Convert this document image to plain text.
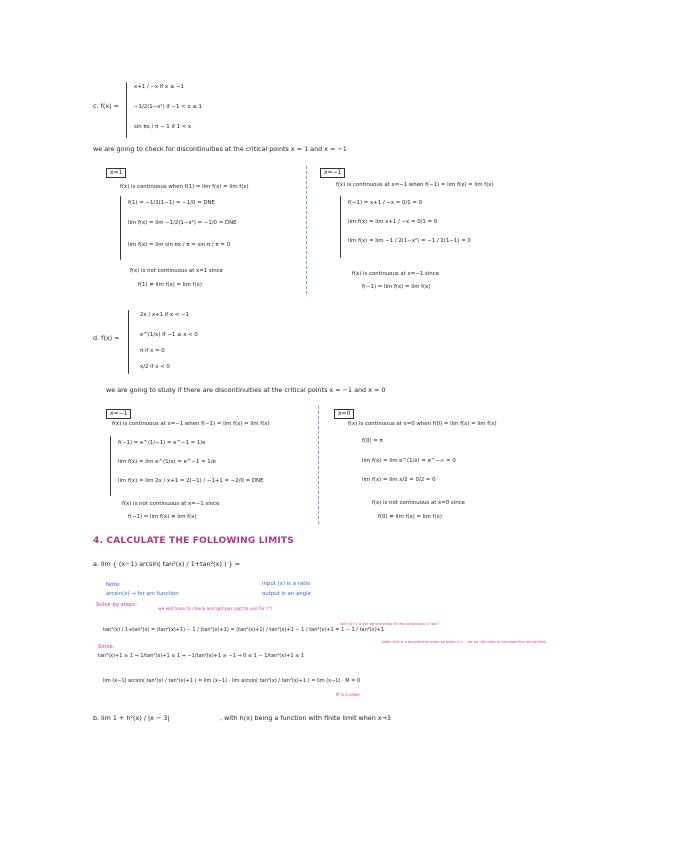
c. f(x) =
x+1 / −x if x ≤ −1
−1/2(1−x²) if −1 < x ≤ 1
sin πx / π − 1 if 1 < x
we are going to check for discontinuities at the critical points x = 1 and x = −1
x=1
f(x) is continuous when f(1) = lim f(x) = lim f(x)
f(1) = −1/2(1−1) = −1/0 = DNE
lim f(x) = lim −1/2(1−x²) = −1/0 = DNE
lim f(x) = lim sin πx / π = sin π / π = 0
f(x) is not continuous at x=1 since
f(1) ≠ lim f(x) = lim f(x)
x=−1
f(x) is continuous at x=−1 when f(−1) = lim f(x) = lim f(x)
f(−1) = x+1 / −x = 0/1 = 0
lim f(x) = lim x+1 / −x = 0/1 = 0
lim f(x) = lim −1 / 2(1−x²) = −1 / 2(1−1) = 0
f(x) is continuous at x=−1 since
f(−1) = lim f(x) = lim f(x)
d. f(x) =
2x / x+1 if x < −1
e^(1/x) if −1 ≤ x < 0
π if x = 0
x/2 if x < 0
we are going to study if there are discontinuities at the critical points x = −1 and x = 0
x=−1
f(x) is continuous at x=−1 when f(−1) = lim f(x) = lim f(x)
f(−1) = e^(1/−1) = e^−1 = 1/e
lim f(x) = lim e^(1/x) = e^−1 = 1/e
lim f(x) = lim 2x / x+1 = 2(−1) / −1+1 = −2/0 = DNE
f(x) is not continuous at x=−1 since
f(−1) = lim f(x) ≠ lim f(x)
x=0
f(x) is continuous at x=0 when f(0) = lim f(x) = lim f(x)
f(0) = π
lim f(x) = lim e^(1/x) = e^−∞ = 0
lim f(x) = lim x/2 = 0/2 = 0
f(x) is not continuous at x=0 since
f(0) ≠ lim f(x) = lim f(x)
4. CALCULATE THE FOLLOWING LIMITS
a. lim { (x−1) arcsin( tan²(x) / 1+tan²(x) ) } =
Note:
arcsin(x) → for arc function
input (x) is a ratio
output is an angle
Solve by steps:
we will have to check and get pos sqrt to use for (*)
tan²(x) / 1+tan²(x) = (tan²(x)+1) − 1 / (tan²(x)+1) = (tan²(x)+1) / tan²(x)+1 − 1 / tan²(x)+1 = 1 − 1 / tan²(x)+1
tan²(x)+1 is the denominator in the continuous 1+tan²
Since:
tan²(x)+1 ≥ 1 ⇒ 1/tan²(x)+1 ≤ 1 ⇒ −1/tan²(x)+1 ≥ −1 ⇒ 0 ≤ 1 − 1/tan²(x)+1 ≤ 1
Note: this is a bounded function so when x→ ... we do not need to calculate the actual limit
lim (x−1) arcsin( tan²(x) / tan²(x)+1 ) = lim (x−1) · lim arcsin( tan²(x) / tan²(x)+1 ) = lim (x−1) · M = 0
M is a value
b. lim 1 + h²(x) / |x − 3|	, with h(x) being a function with finite limit when x→3
